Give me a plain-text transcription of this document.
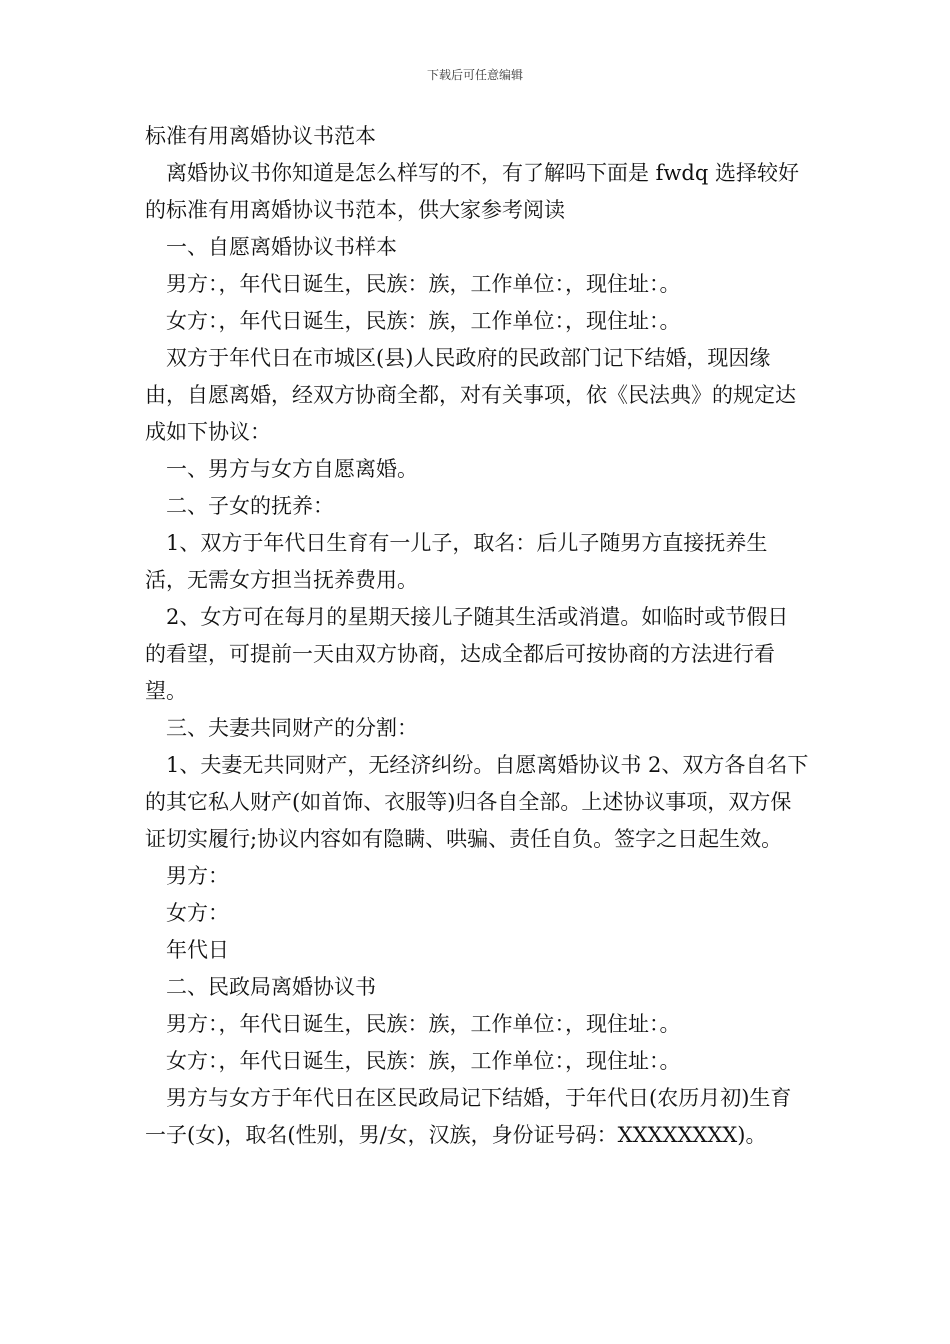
下载后可任意编辑

标准有用离婚协议书范本

离婚协议书你知道是怎么样写的不，有了解吗下面是 fwdq 选择较好的标准有用离婚协议书范本，供大家参考阅读

一、自愿离婚协议书样本

男方：，年代日诞生，民族：族，工作单位：，现住址：。

女方：，年代日诞生，民族：族，工作单位：，现住址：。

双方于年代日在市城区(县)人民政府的民政部门记下结婚，现因缘由，自愿离婚，经双方协商全都，对有关事项，依《民法典》的规定达成如下协议：

一、男方与女方自愿离婚。

二、子女的抚养：

1、双方于年代日生育有一儿子，取名：后儿子随男方直接抚养生活，无需女方担当抚养费用。

2、女方可在每月的星期天接儿子随其生活或消遣。如临时或节假日的看望，可提前一天由双方协商，达成全都后可按协商的方法进行看望。

三、夫妻共同财产的分割：

1、夫妻无共同财产，无经济纠纷。自愿离婚协议书 2、双方各自名下的其它私人财产(如首饰、衣服等)归各自全部。上述协议事项，双方保证切实履行;协议内容如有隐瞒、哄骗、责任自负。签字之日起生效。

男方：

女方：

年代日

二、民政局离婚协议书

男方：，年代日诞生，民族：族，工作单位：，现住址：。

女方：，年代日诞生，民族：族，工作单位：，现住址：。

男方与女方于年代日在区民政局记下结婚，于年代日(农历月初)生育一子(女)，取名(性别，男/女，汉族，身份证号码：XXXXXXXX)。
